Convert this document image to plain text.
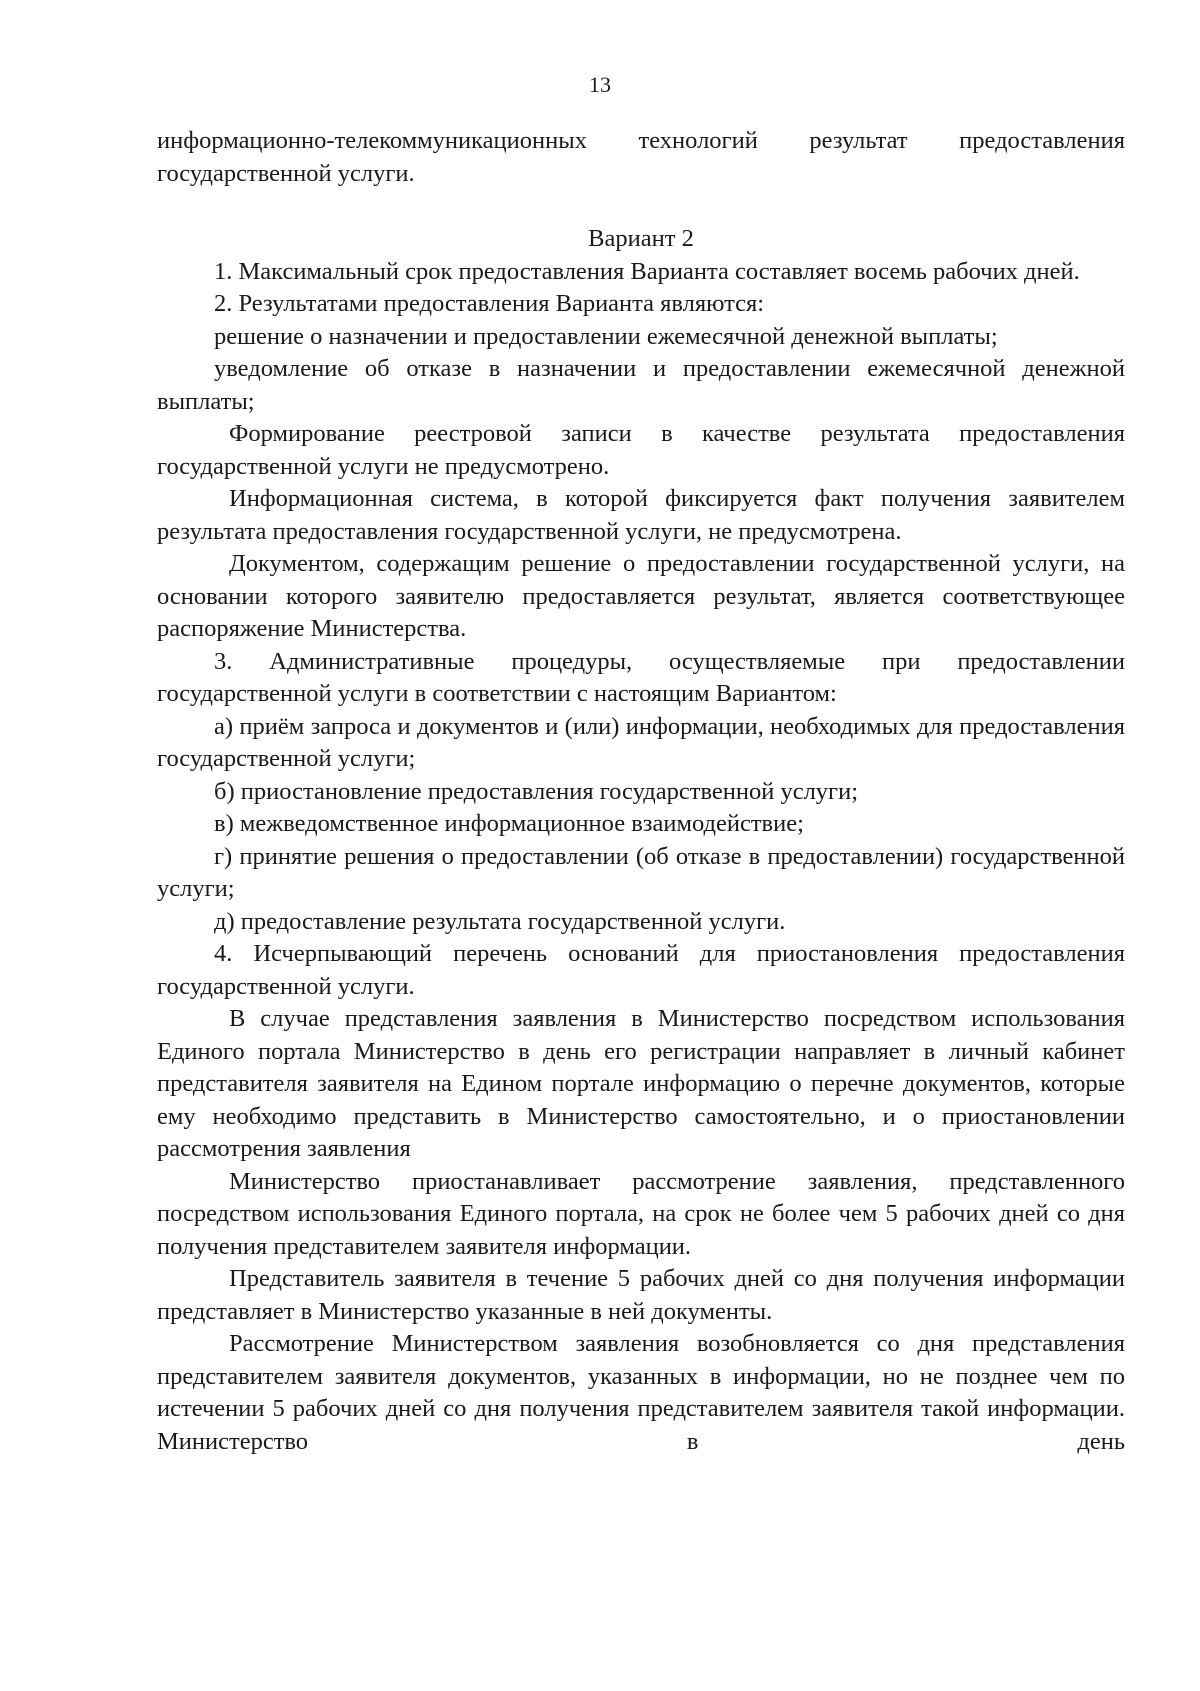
13

информационно-телекоммуникационных технологий результат предоставления государственной услуги.

Вариант 2

1. Максимальный срок предоставления Варианта составляет восемь рабочих дней.

2. Результатами предоставления Варианта являются:

решение о назначении и предоставлении ежемесячной денежной выплаты;

уведомление об отказе в назначении и предоставлении ежемесячной денежной выплаты;

Формирование реестровой записи в качестве результата предоставления государственной услуги не предусмотрено.

Информационная система, в которой фиксируется факт получения заявителем результата предоставления государственной услуги, не предусмотрена.

Документом, содержащим решение о предоставлении государственной услуги, на основании которого заявителю предоставляется результат, является соответствующее распоряжение Министерства.

3. Административные процедуры, осуществляемые при предоставлении государственной услуги в соответствии с настоящим Вариантом:

а) приём запроса и документов и (или) информации, необходимых для предоставления государственной услуги;

б) приостановление предоставления государственной услуги;

в) межведомственное информационное взаимодействие;

г) принятие решения о предоставлении (об отказе в предоставлении) государственной услуги;

д) предоставление результата государственной услуги.

4. Исчерпывающий перечень оснований для приостановления предоставления государственной услуги.

В случае представления заявления в Министерство посредством использования Единого портала Министерство в день его регистрации направляет в личный кабинет представителя заявителя на Едином портале информацию о перечне документов, которые ему необходимо представить в Министерство самостоятельно, и о приостановлении рассмотрения заявления

Министерство приостанавливает рассмотрение заявления, представленного посредством использования Единого портала, на срок не более чем 5 рабочих дней со дня получения представителем заявителя информации.

Представитель заявителя в течение 5 рабочих дней со дня получения информации представляет в Министерство указанные в ней документы.

Рассмотрение Министерством заявления возобновляется со дня представления представителем заявителя документов, указанных в информации, но не позднее чем по истечении 5 рабочих дней со дня получения представителем заявителя такой информации. Министерство в день
